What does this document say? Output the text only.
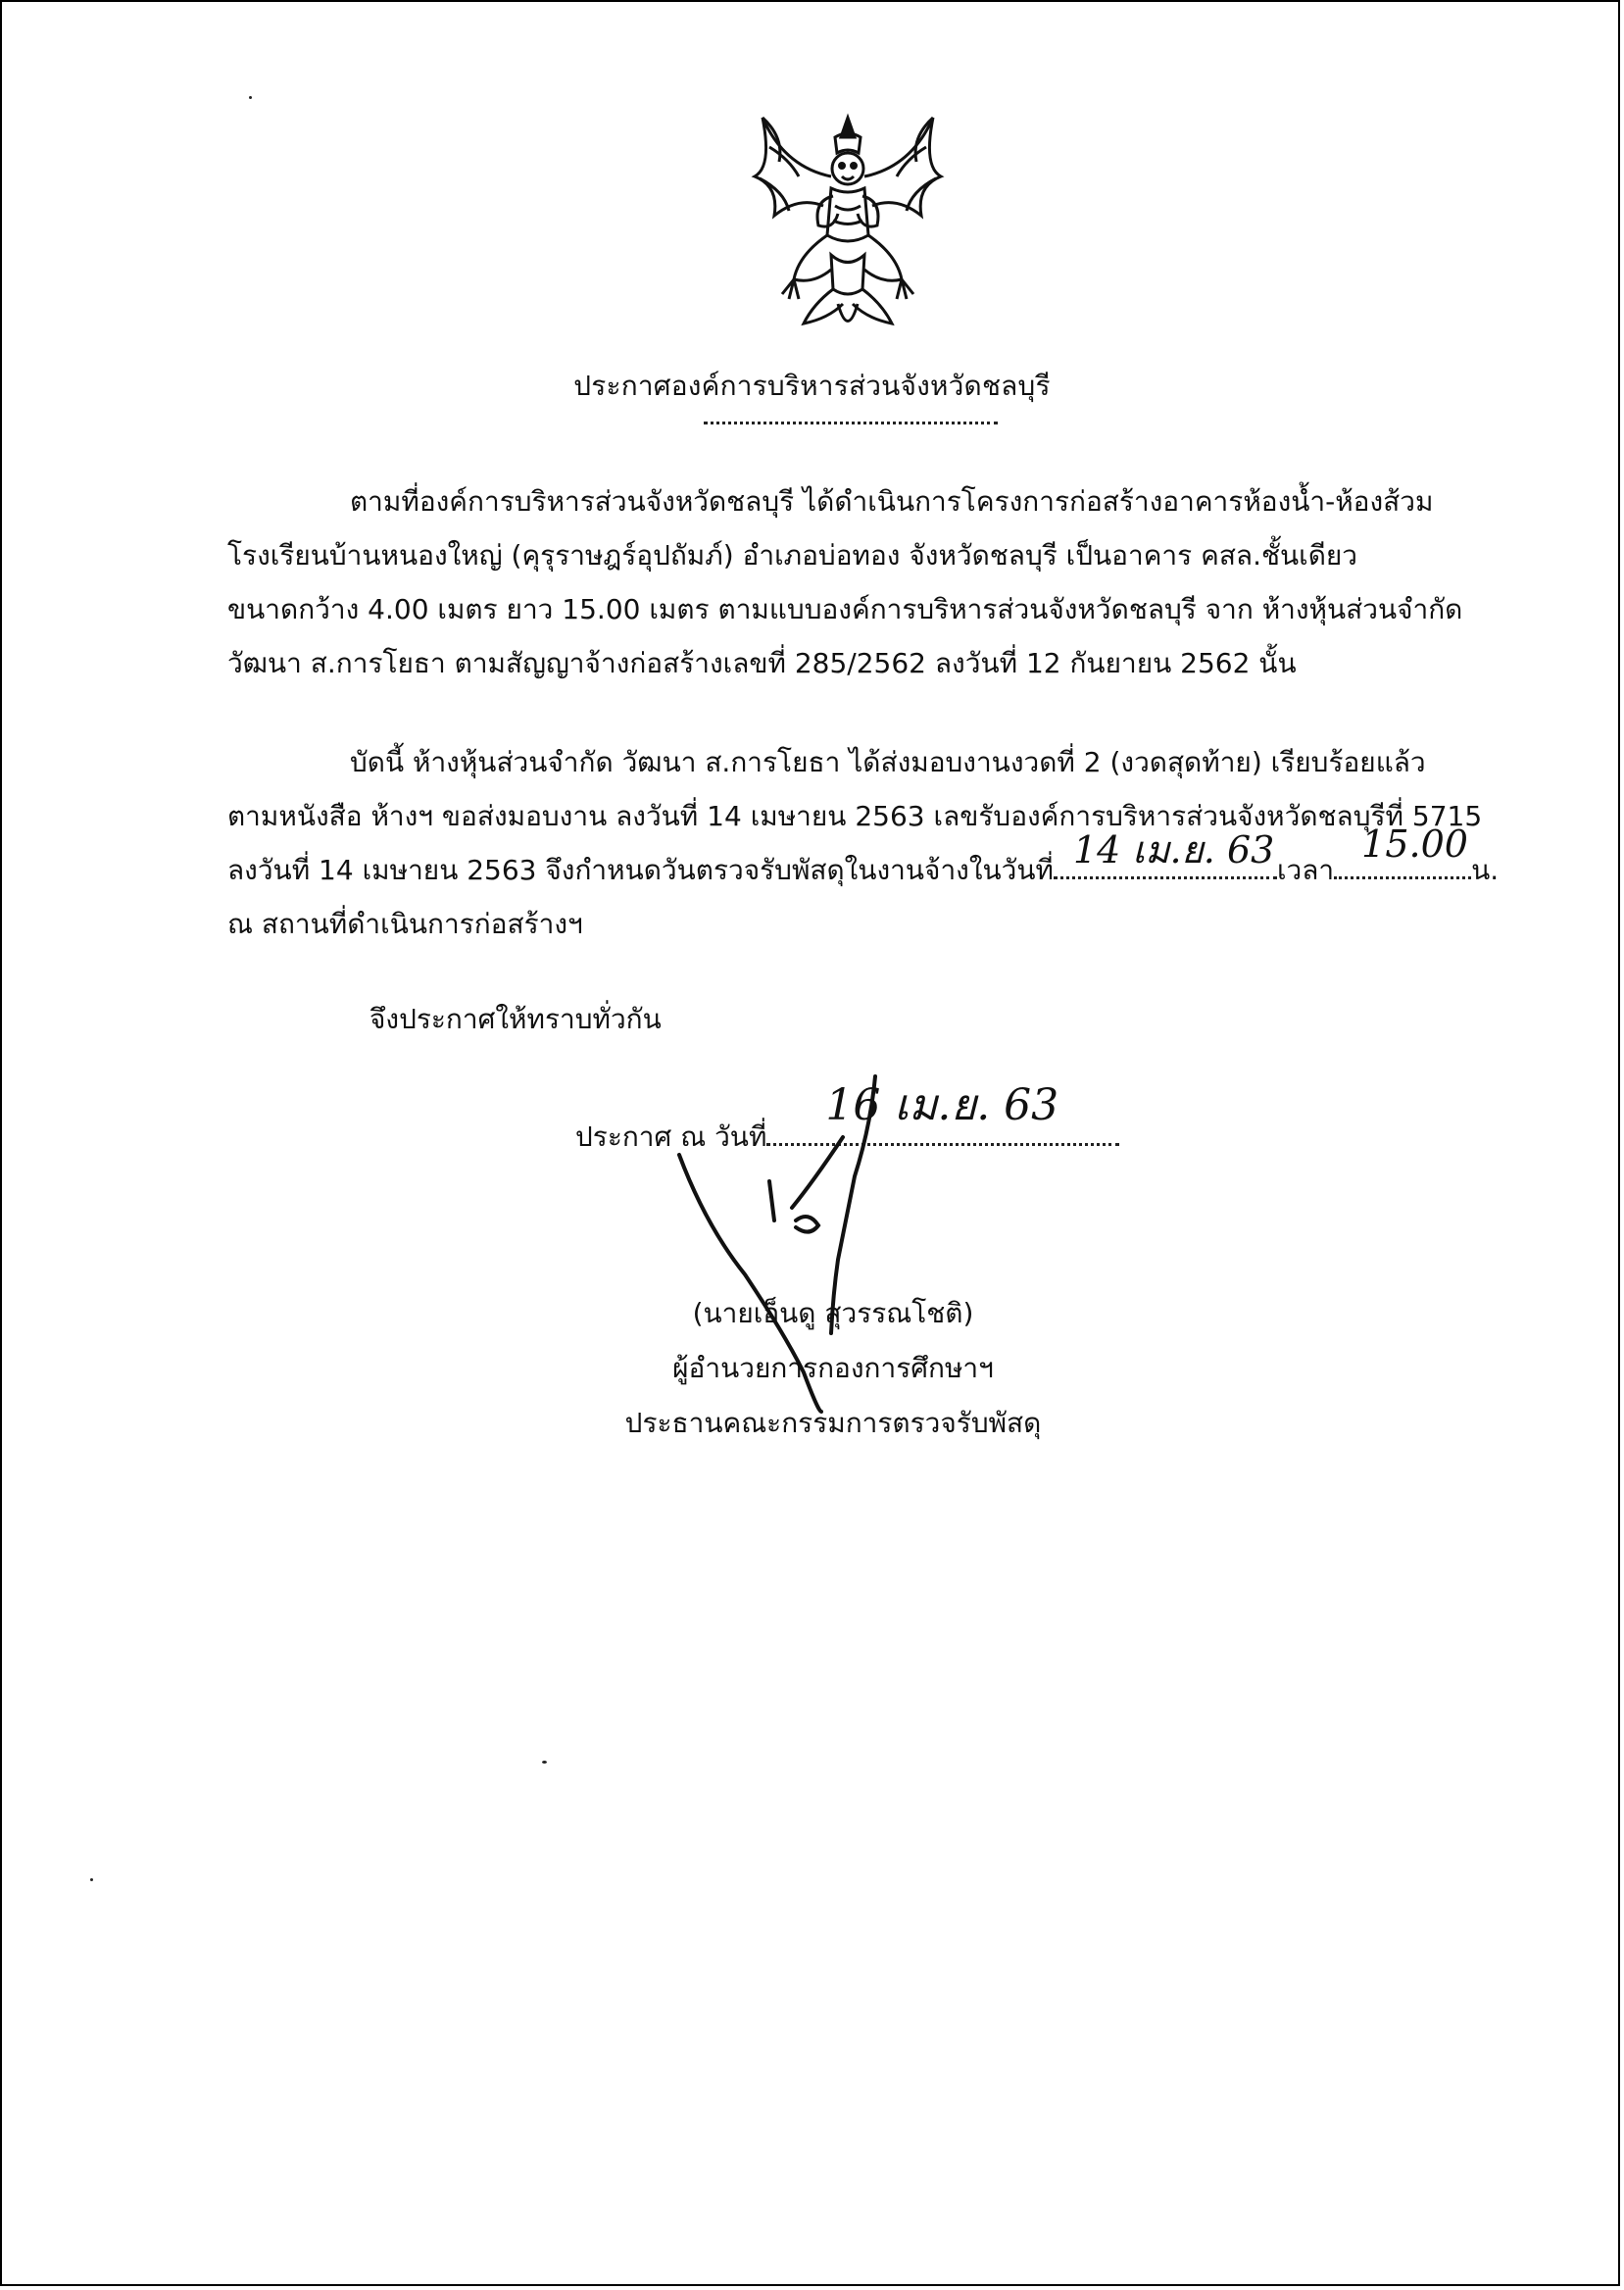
ประกาศองค์การบริหารส่วนจังหวัดชลบุรี
ตามที่องค์การบริหารส่วนจังหวัดชลบุรี ได้ดำเนินการโครงการก่อสร้างอาคารห้องน้ำ-ห้องส้วม
โรงเรียนบ้านหนองใหญ่ (คุรุราษฎร์อุปถัมภ์) อำเภอบ่อทอง จังหวัดชลบุรี เป็นอาคาร คสล.ชั้นเดียว
ขนาดกว้าง 4.00 เมตร ยาว 15.00 เมตร ตามแบบองค์การบริหารส่วนจังหวัดชลบุรี จาก ห้างหุ้นส่วนจำกัด
วัฒนา ส.การโยธา ตามสัญญาจ้างก่อสร้างเลขที่ 285/2562 ลงวันที่ 12 กันยายน 2562 นั้น
บัดนี้ ห้างหุ้นส่วนจำกัด วัฒนา ส.การโยธา ได้ส่งมอบงานงวดที่ 2 (งวดสุดท้าย) เรียบร้อยแล้ว
ตามหนังสือ ห้างฯ ขอส่งมอบงาน ลงวันที่ 14 เมษายน 2563 เลขรับองค์การบริหารส่วนจังหวัดชลบุรีที่ 5715
ลงวันที่ 14 เมษายน 2563 จึงกำหนดวันตรวจรับพัสดุในงานจ้างในวันที่ 14 เม.ย. 63 เวลา
15.00
น.
ณ สถานที่ดำเนินการก่อสร้างฯ
จึงประกาศให้ทราบทั่วกัน
ประกาศ ณ วันที่
16 เม.ย. 63
(นายเอ็นดู สุวรรณโชติ)
ผู้อำนวยการกองการศึกษาฯ
ประธานคณะกรรมการตรวจรับพัสดุ
